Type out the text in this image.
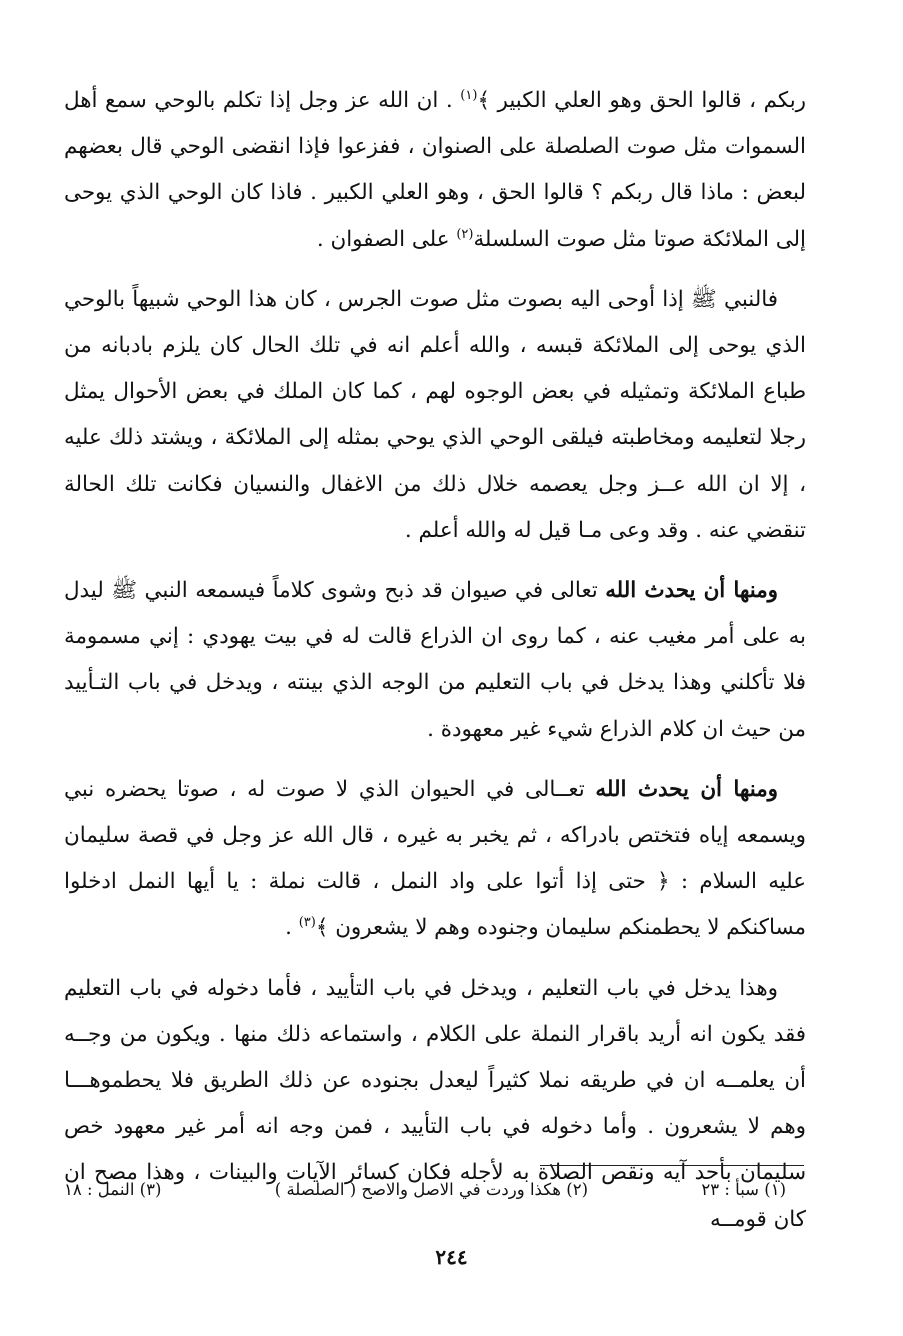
ربكم ، قالوا الحق وهو العلي الكبير ﴾$^{(١)}$ . ان الله عز وجل إذا تكلم بالوحي سمع أهل السموات مثل صوت الصلصلة على الصنوان ، ففزعوا فإذا انقضى الوحي قال بعضهم لبعض : ماذا قال ربكم ؟ قالوا الحق ، وهو العلي الكبير . فاذا كان الوحي الذي يوحى إلى الملائكة صوتا مثل صوت السلسلة$^{(٢)}$ على الصفوان .

فالنبي ﷺ إذا أوحى اليه بصوت مثل صوت الجرس ، كان هذا الوحي شبيهاً بالوحي الذي يوحى إلى الملائكة قبسه ، والله أعلم انه في تلك الحال كان يلزم بادبانه من طباع الملائكة وتمثيله في بعض الوجوه لهم ، كما كان الملك في بعض الأحوال يمثل رجلا لتعليمه ومخاطبته فيلقى الوحي الذي يوحي بمثله إلى الملائكة ، ويشتد ذلك عليه ، إلا ان الله عــز وجل يعصمه خلال ذلك من الاغفال والنسيان فكانت تلك الحالة تنقضي عنه . وقد وعى مـا قيل له والله أعلم .

ومنها أن يحدث الله تعالى في صيوان قد ذبح وشوى كلاماً فيسمعه النبي ﷺ ليدل به على أمر مغيب عنه ، كما روى ان الذراع قالت له في بيت يهودي : إني مسمومة فلا تأكلني وهذا يدخل في باب التعليم من الوجه الذي بينته ، ويدخل في باب التـأييد من حيث ان كلام الذراع شيء غير معهودة .

ومنها أن يحدث الله تعــالى في الحيوان الذي لا صوت له ، صوتا يحضره نبي ويسمعه إياه فتختص بادراكه ، ثم يخبر به غيره ، قال الله عز وجل في قصة سليمان عليه السلام : ﴿ حتى إذا أتوا على واد النمل ، قالت نملة : يا أيها النمل ادخلوا مساكنكم لا يحطمنكم سليمان وجنوده وهم لا يشعرون ﴾$^{(٣)}$ .

وهذا يدخل في باب التعليم ، ويدخل في باب التأييد ، فأما دخوله في باب التعليم فقد يكون انه أريد باقرار النملة على الكلام ، واستماعه ذلك منها . ويكون من وجــه أن يعلمــه ان في طريقه نملا كثيراً ليعدل بجنوده عن ذلك الطريق فلا يحطموهـــا وهم لا يشعرون . وأما دخوله في باب التأييد ، فمن وجه انه أمر غير معهود خص سليمان بأحد آيه ونقص الصلاة به لأجله فكان كسائر الآيات والبينات ، وهذا مصح ان كان قومــه

(١) سبأ : ٢٣
(٢) هكذا وردت في الاصل والاصح ( الصلصلة )
(٣) النمل : ١٨
٢٤٤
